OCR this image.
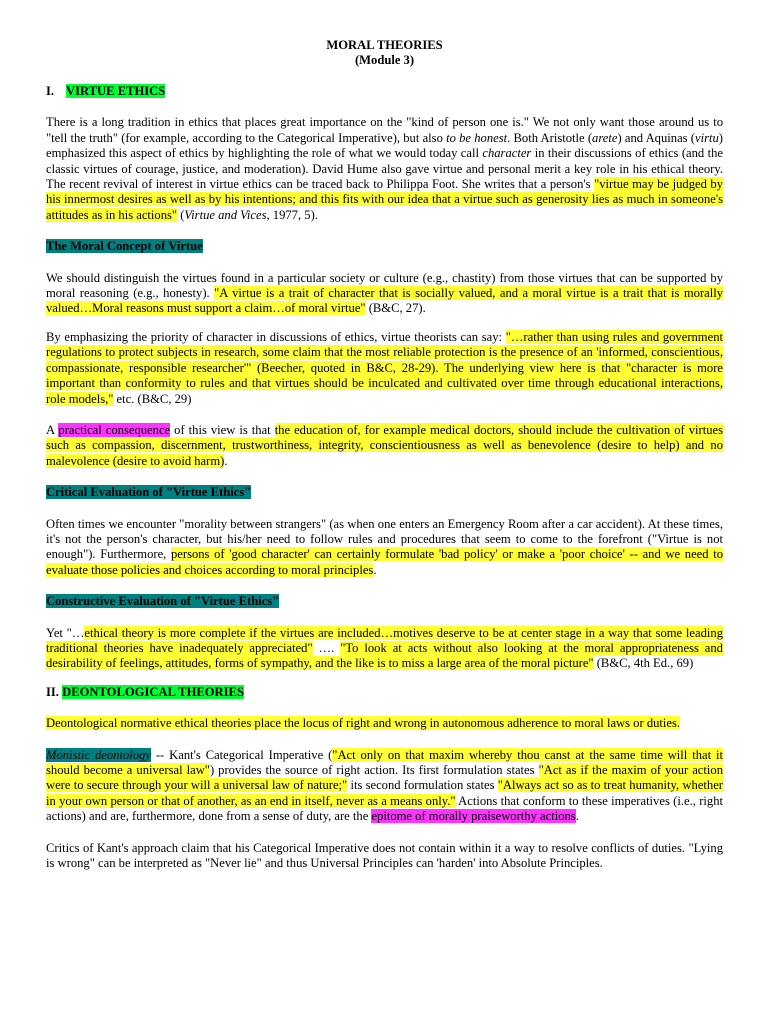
MORAL THEORIES
(Module 3)
I. VIRTUE ETHICS

There is a long tradition in ethics that places great importance on the "kind of person one is." We not only want those around us to "tell the truth" (for example, according to the Categorical Imperative), but also to be honest. Both Aristotle (arete) and Aquinas (virtu) emphasized this aspect of ethics by highlighting the role of what we would today call character in their discussions of ethics (and the classic virtues of courage, justice, and moderation). David Hume also gave virtue and personal merit a key role in his ethical theory. The recent revival of interest in virtue ethics can be traced back to Philippa Foot. She writes that a person's "virtue may be judged by his innermost desires as well as by his intentions; and this fits with our idea that a virtue such as generosity lies as much in someone's attitudes as in his actions" (Virtue and Vices, 1977, 5).

The Moral Concept of Virtue

We should distinguish the virtues found in a particular society or culture (e.g., chastity) from those virtues that can be supported by moral reasoning (e.g., honesty). "A virtue is a trait of character that is socially valued, and a moral virtue is a trait that is morally valued…Moral reasons must support a claim…of moral virtue" (B&C, 27).

By emphasizing the priority of character in discussions of ethics, virtue theorists can say: "…rather than using rules and government regulations to protect subjects in research, some claim that the most reliable protection is the presence of an 'informed, conscientious, compassionate, responsible researcher'" (Beecher, quoted in B&C, 28-29). The underlying view here is that "character is more important than conformity to rules and that virtues should be inculcated and cultivated over time through educational interactions, role models," etc. (B&C, 29)

A practical consequence of this view is that the education of, for example medical doctors, should include the cultivation of virtues such as compassion, discernment, trustworthiness, integrity, conscientiousness as well as benevolence (desire to help) and no malevolence (desire to avoid harm).

Critical Evaluation of "Virtue Ethics"

Often times we encounter "morality between strangers" (as when one enters an Emergency Room after a car accident). At these times, it's not the person's character, but his/her need to follow rules and procedures that seem to come to the forefront ("Virtue is not enough"). Furthermore, persons of 'good character' can certainly formulate 'bad policy' or make a 'poor choice' -- and we need to evaluate those policies and choices according to moral principles.

Constructive Evaluation of "Virtue Ethics"

Yet "…ethical theory is more complete if the virtues are included…motives deserve to be at center stage in a way that some leading traditional theories have inadequately appreciated" …. "To look at acts without also looking at the moral appropriateness and desirability of feelings, attitudes, forms of sympathy, and the like is to miss a large area of the moral picture" (B&C, 4th Ed., 69)

II. DEONTOLOGICAL THEORIES

Deontological normative ethical theories place the locus of right and wrong in autonomous adherence to moral laws or duties.

Monistic deontology -- Kant's Categorical Imperative ("Act only on that maxim whereby thou canst at the same time will that it should become a universal law") provides the source of right action. Its first formulation states "Act as if the maxim of your action were to secure through your will a universal law of nature;" its second formulation states "Always act so as to treat humanity, whether in your own person or that of another, as an end in itself, never as a means only." Actions that conform to these imperatives (i.e., right actions) and are, furthermore, done from a sense of duty, are the epitome of morally praiseworthy actions.

Critics of Kant's approach claim that his Categorical Imperative does not contain within it a way to resolve conflicts of duties. "Lying is wrong" can be interpreted as "Never lie" and thus Universal Principles can 'harden' into Absolute Principles.
